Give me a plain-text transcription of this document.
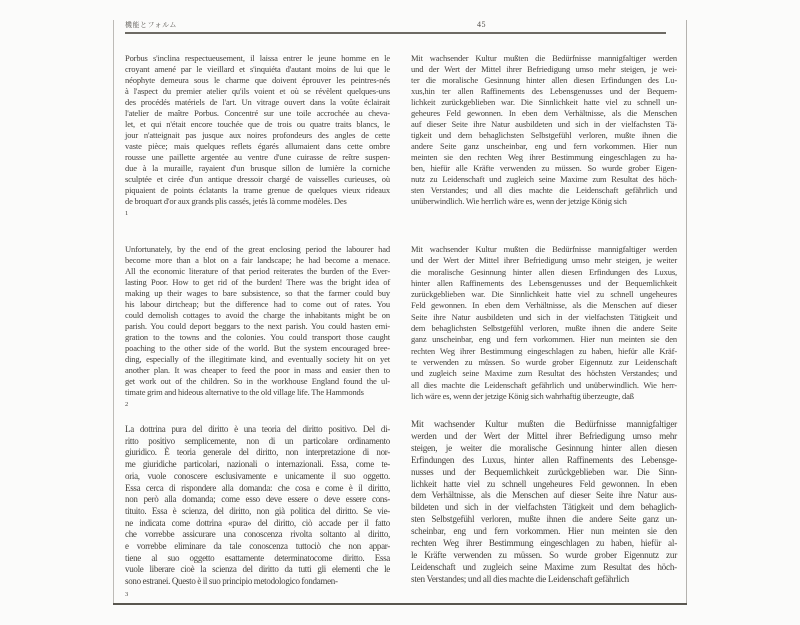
機能とフォルム	45
Porbus s'inclina respectueusement, il laissa entrer le jeune homme en le
croyant amené par le vieillard et s'inquiéta d'autant moins de lui que le
néophyte demeura sous le charme que doivent éprouver les peintres-nés
à l'aspect du premier atelier qu'ils voient et où se révèlent quelques-uns
des procédés matériels de l'art. Un vitrage ouvert dans la voûte éclairait
l'atelier de maître Porbus. Concentré sur une toile accrochée au cheva-
let, et qui n'était encore touchée que de trois ou quatre traits blancs, le
jour n'atteignait pas jusque aux noires profondeurs des angles de cette
vaste pièce; mais quelques reflets égarés allumaient dans cette ombre
rousse une paillette argentée au ventre d'une cuirasse de reître suspen-
due à la muraille, rayaient d'un brusque sillon de lumière la corniche
sculptée et cirée d'un antique dressoir chargé de vaisselles curieuses, où
piquaient de points éclatants la trame grenue de quelques vieux rideaux
de broquart d'or aux grands plis cassés, jetés là comme modèles. Des
1
Unfortunately, by the end of the great enclosing period the labourer had
become more than a blot on a fair landscape; he had become a menace.
All the economic literature of that period reiterates the burden of the Ever-
lasting Poor. How to get rid of the burden! There was the bright idea of
making up their wages to bare subsistence, so that the farmer could buy
his labour dirtcheap; but the difference had to come out of rates. You
could demolish cottages to avoid the charge the inhabitants might be on
parish. You could deport beggars to the next parish. You could hasten emi-
gration to the towns and the colonies. You could transport those caught
poaching to the other side of the world. But the system encouraged bree-
ding, especially of the illegitimate kind, and eventually society hit on yet
another plan. It was cheaper to feed the poor in mass and easier then to
get work out of the children. So in the workhouse England found the ul-
timate grim and hideous alternative to the old village life. The Hammonds
2
La dottrina pura del diritto è una teoria del diritto positivo. Del di-
ritto positivo semplicemente, non di un particolare ordinamento
giuridico. È teoria generale del diritto, non interpretazione di nor-
me giuridiche particolari, nazionali o internazionali. Essa, come te-
oria, vuole conoscere esclusivamente e unicamente il suo oggetto.
Essa cerca di rispondere alla domanda: che cosa e come è il diritto,
non però alla domanda; come esso deve essere o deve essere cons-
tituito. Essa è scienza, del diritto, non già politica del diritto. Se vie-
ne indicata come dottrina «pura» del diritto, ciò accade per il fatto
che vorrebbe assicurare una conoscenza rivolta soltanto al diritto,
e vorrebbe eliminare da tale conoscenza tuttociò che non appar-
tiene al suo oggetto esattamente determinatocome diritto. Essa
vuole liberare cioè la scienza del diritto da tutti gli elementi che le
sono estranei. Questo è il suo principio metodologico fondamen-
3
Mit wachsender Kultur mußten die Bedürfnisse mannigfaltiger werden
und der Wert der Mittel ihrer Befriedigung umso mehr steigen, je wei-
ter die moralische Gesinnung hinter allen diesen Erfindungen des Lu-
xus,hin ter allen Raffinements des Lebensgenusses und der Bequem-
lichkeit zurückgeblieben war. Die Sinnlichkeit hatte viel zu schnell un-
geheures Feld gewonnen. In eben dem Verhältnisse, als die Menschen
auf dieser Seite ihre Natur ausbildeten und sich in der vielfachsten Tä-
tigkeit und dem behaglichsten Selbstgefühl verloren, mußte ihnen die
andere Seite ganz unscheinbar, eng und fern vorkommen. Hier nun
meinten sie den rechten Weg ihrer Bestimmung eingeschlagen zu ha-
ben, hiefür alle Kräfte verwenden zu müssen. So wurde grober Eigen-
nutz zu Leidenschaft und zugleich seine Maxime zum Resultat des höch-
sten Verstandes; und all dies machte die Leidenschaft gefährlich und
unüberwindlich. Wie herrlich wäre es, wenn der jetzige König sich
Mit wachsender Kultur mußten die Bedürfnisse mannigfaltiger werden
und der Wert der Mittel ihrer Befriedigung umso mehr steigen, je weiter
die moralische Gesinnung hinter allen diesen Erfindungen des Luxus,
hinter allen Raffinements des Lebensgenusses und der Bequemlichkeit
zurückgeblieben war. Die Sinnlichkeit hatte viel zu schnell ungeheures
Feld gewonnen. In eben dem Verhältnisse, als die Menschen auf dieser
Seite ihre Natur ausbildeten und sich in der vielfachsten Tätigkeit und
dem behaglichsten Selbstgefühl verloren, mußte ihnen die andere Seite
ganz unscheinbar, eng und fern vorkommen. Hier nun meinten sie den
rechten Weg ihrer Bestimmung eingeschlagen zu haben, hiefür alle Kräf-
te verwenden zu müssen. So wurde grober Eigennutz zur Leidenschaft
und zugleich seine Maxime zum Resultat des höchsten Verstandes; und
all dies machte die Leidenschaft gefährlich und unüberwindlich. Wie herr-
lich wäre es, wenn der jetzige König sich wahrhaftig überzeugte, daß
Mit wachsender Kultur mußten die Bedürfnisse mannigfaltiger
werden und der Wert der Mittel ihrer Befriedigung umso mehr
steigen, je weiter die moralische Gesinnung hinter allen diesen
Erfindungen des Luxus, hinter allen Raffinements des Lebensge-
nusses und der Bequemlichkeit zurückgeblieben war. Die Sinn-
lichkeit hatte viel zu schnell ungeheures Feld gewonnen. In eben
dem Verhältnisse, als die Menschen auf dieser Seite ihre Natur aus-
bildeten und sich in der vielfachsten Tätigkeit und dem behaglich-
sten Selbstgefühl verloren, mußte ihnen die andere Seite ganz un-
scheinbar, eng und fern vorkommen. Hier nun meinten sie den
rechten Weg ihrer Bestimmung eingeschlagen zu haben, hiefür al-
le Kräfte verwenden zu müssen. So wurde grober Eigennutz zur
Leidenschaft und zugleich seine Maxime zum Resultat des höch-
sten Verstandes; und all dies machte die Leidenschaft gefährlich
